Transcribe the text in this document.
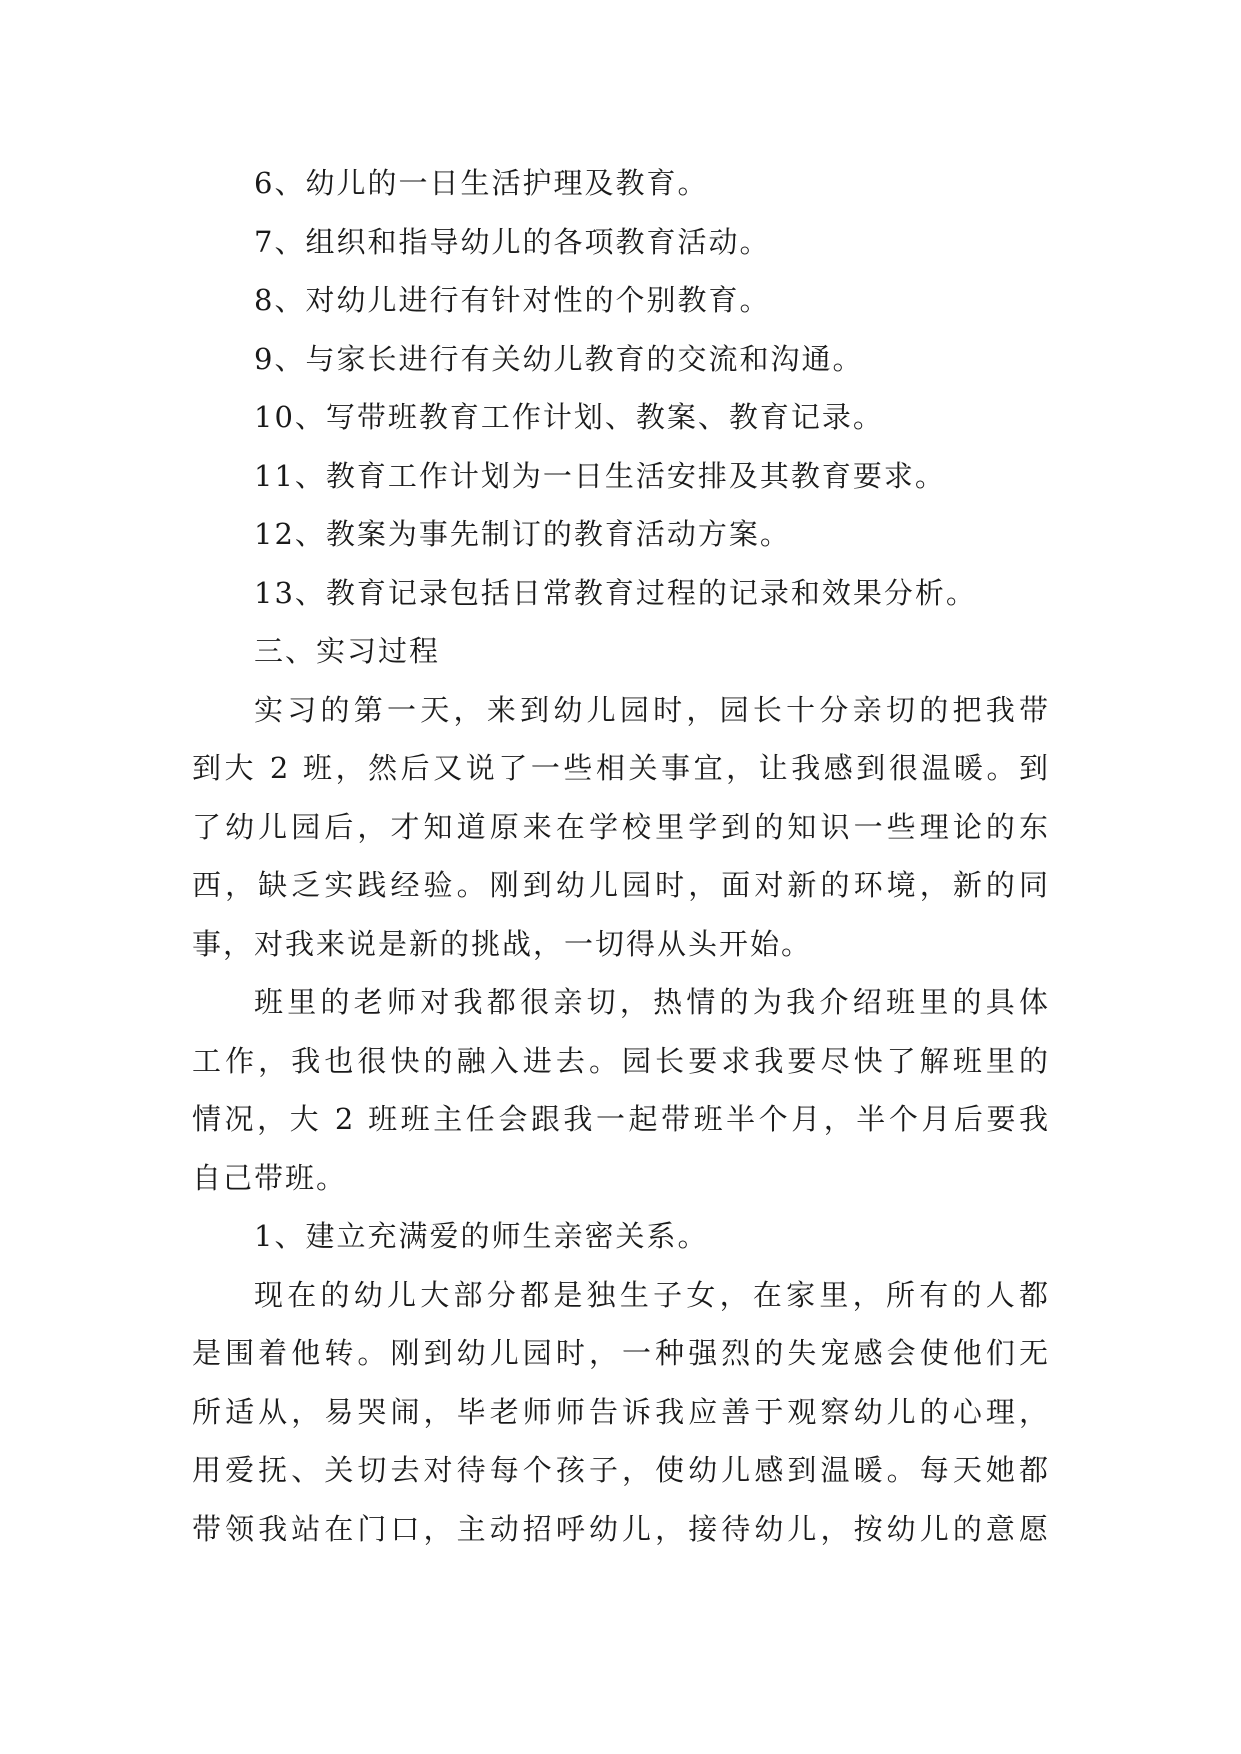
6、幼儿的一日生活护理及教育。
7、组织和指导幼儿的各项教育活动。
8、对幼儿进行有针对性的个别教育。
9、与家长进行有关幼儿教育的交流和沟通。
10、写带班教育工作计划、教案、教育记录。
11、教育工作计划为一日生活安排及其教育要求。
12、教案为事先制订的教育活动方案。
13、教育记录包括日常教育过程的记录和效果分析。
三、实习过程
实习的第一天，来到幼儿园时，园长十分亲切的把我带
到大 2 班，然后又说了一些相关事宜，让我感到很温暖。到
了幼儿园后，才知道原来在学校里学到的知识一些理论的东
西，缺乏实践经验。刚到幼儿园时，面对新的环境，新的同
事，对我来说是新的挑战，一切得从头开始。
班里的老师对我都很亲切，热情的为我介绍班里的具体
工作，我也很快的融入进去。园长要求我要尽快了解班里的
情况，大 2 班班主任会跟我一起带班半个月，半个月后要我
自己带班。
1、建立充满爱的师生亲密关系。
现在的幼儿大部分都是独生子女，在家里，所有的人都
是围着他转。刚到幼儿园时，一种强烈的失宠感会使他们无
所适从，易哭闹，毕老师师告诉我应善于观察幼儿的心理，
用爱抚、关切去对待每个孩子，使幼儿感到温暖。每天她都
带领我站在门口，主动招呼幼儿，接待幼儿，按幼儿的意愿
